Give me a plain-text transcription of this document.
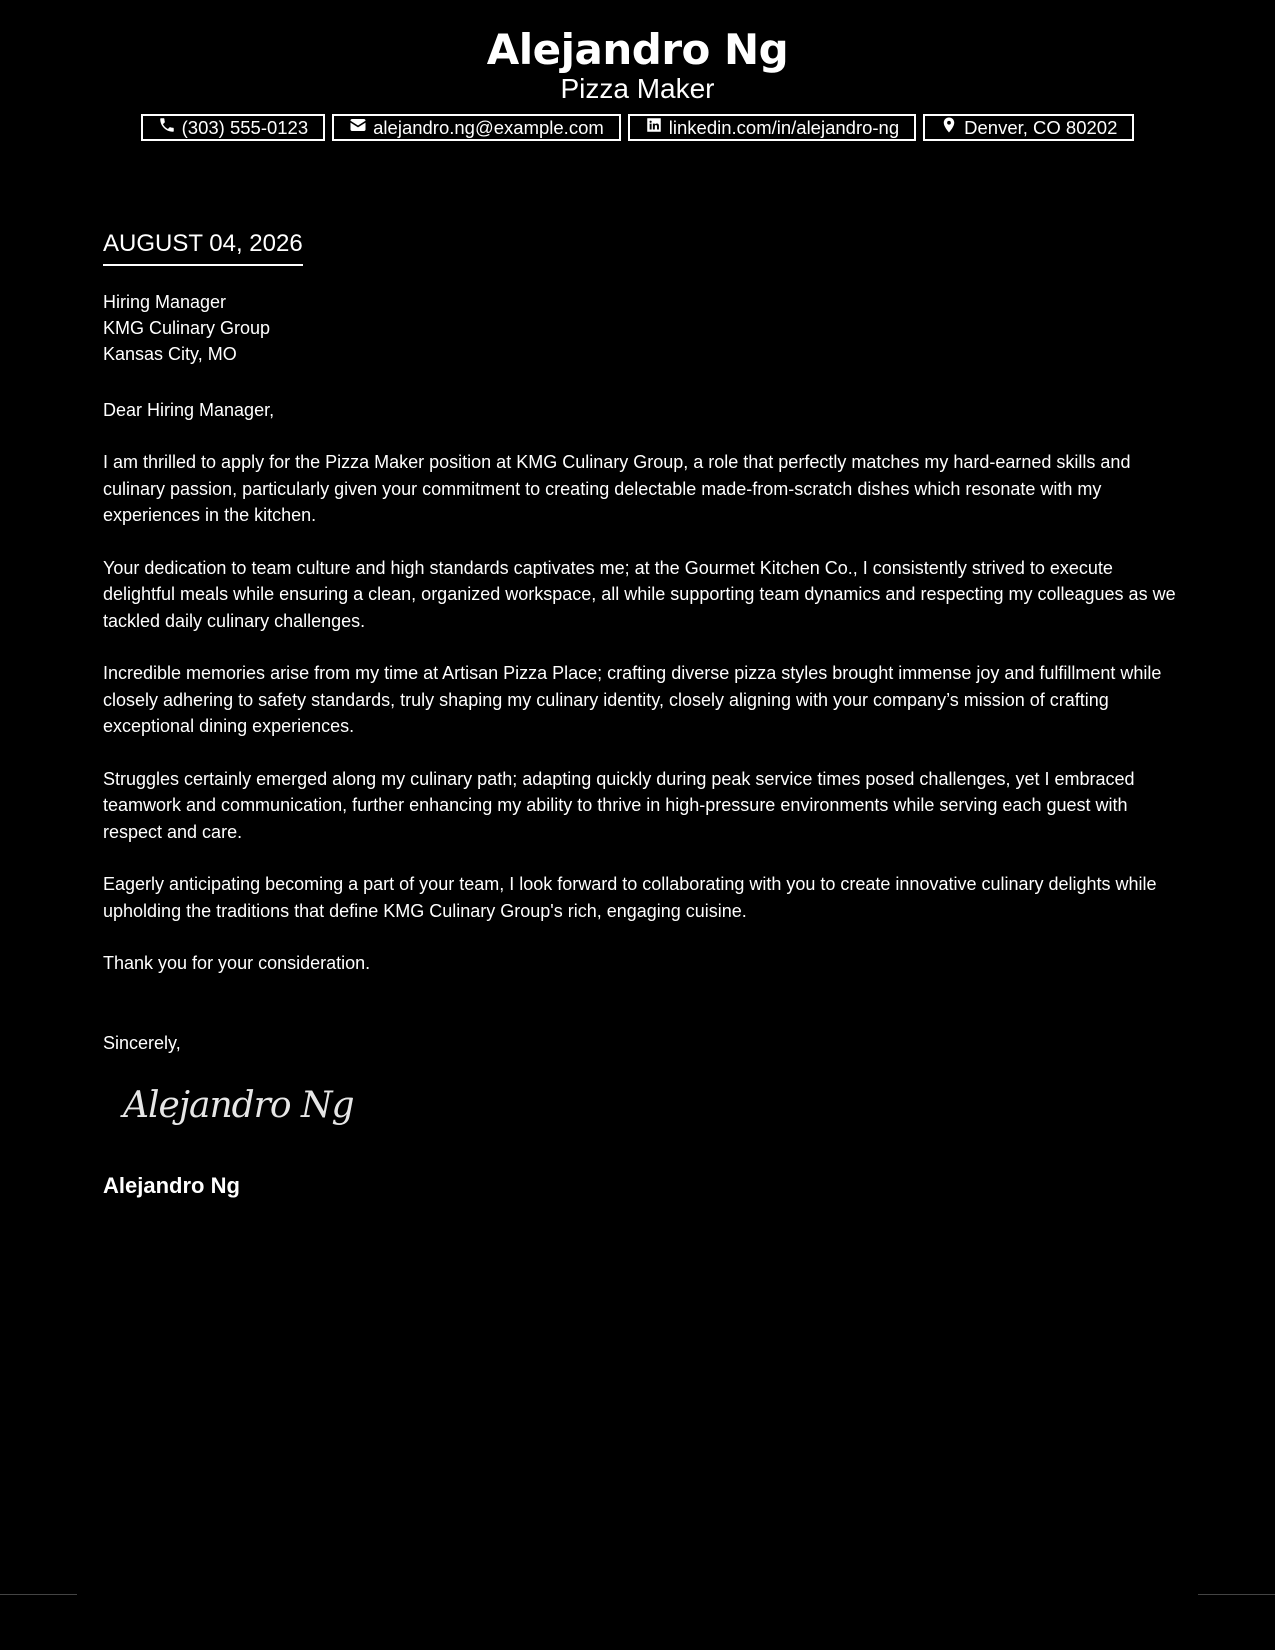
Alejandro Ng
Pizza Maker
(303) 555-0123	alejandro.ng@example.com	linkedin.com/in/alejandro-ng	Denver, CO 80202
AUGUST 04, 2026
Hiring Manager
KMG Culinary Group
Kansas City, MO
Dear Hiring Manager,

I am thrilled to apply for the Pizza Maker position at KMG Culinary Group, a role that perfectly matches my hard-earned skills and culinary passion, particularly given your commitment to creating delectable made-from-scratch dishes which resonate with my experiences in the kitchen.

Your dedication to team culture and high standards captivates me; at the Gourmet Kitchen Co., I consistently strived to execute delightful meals while ensuring a clean, organized workspace, all while supporting team dynamics and respecting my colleagues as we tackled daily culinary challenges.

Incredible memories arise from my time at Artisan Pizza Place; crafting diverse pizza styles brought immense joy and fulfillment while closely adhering to safety standards, truly shaping my culinary identity, closely aligning with your company’s mission of crafting exceptional dining experiences.

Struggles certainly emerged along my culinary path; adapting quickly during peak service times posed challenges, yet I embraced teamwork and communication, further enhancing my ability to thrive in high-pressure environments while serving each guest with respect and care.

Eagerly anticipating becoming a part of your team, I look forward to collaborating with you to create innovative culinary delights while upholding the traditions that define KMG Culinary Group's rich, engaging cuisine.

Thank you for your consideration.

Sincerely,
Alejandro Ng
Alejandro Ng
